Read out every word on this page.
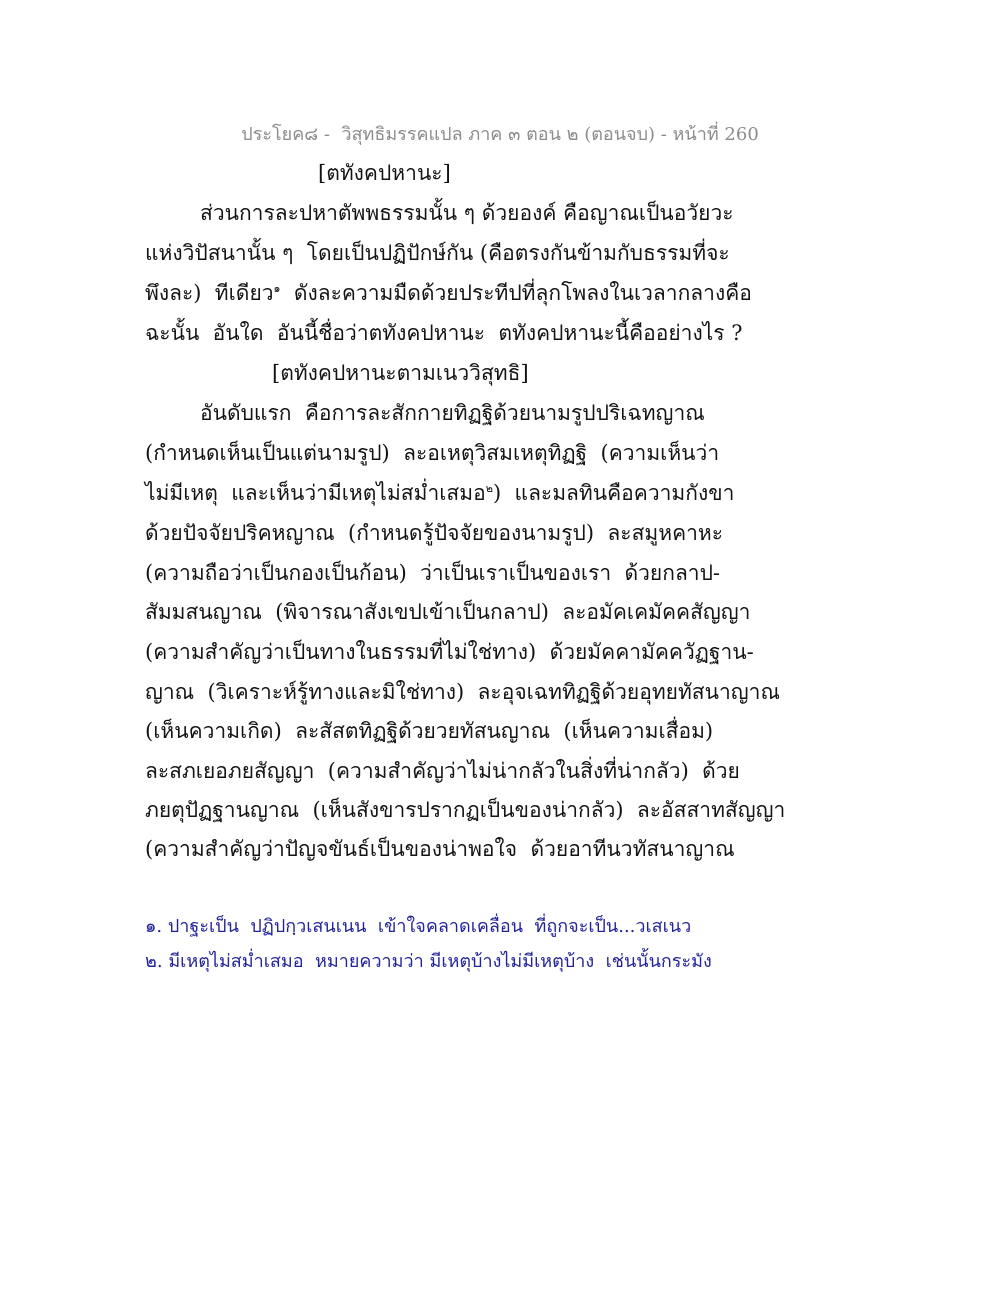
ประโยค๘ -  วิสุทธิมรรคแปล ภาค ๓ ตอน ๒ (ตอนจบ) - หน้าที่ 260
[ตทังคปหานะ]
ส่วนการละปหาตัพพธรรมนั้น ๆ ด้วยองค์ คือญาณเป็นอวัยวะ
แห่งวิปัสนานั้น ๆ  โดยเป็นปฏิปักษ์กัน (คือตรงกันข้ามกับธรรมที่จะ
พึงละ)  ทีเดียว$^๑$  ดังละความมืดด้วยประทีปที่ลุกโพลงในเวลากลางคือ
ฉะนั้น  อันใด  อันนี้ชื่อว่าตทังคปหานะ  ตทังคปหานะนี้คืออย่างไร ?
[ตทังคปหานะตามเนววิสุทธิ]
อันดับแรก  คือการละสักกายทิฏฐิด้วยนามรูปปริเฉทญาณ
(กำหนดเห็นเป็นแต่นามรูป)  ละอเหตุวิสมเหตุทิฏฐิ  (ความเห็นว่า
ไม่มีเหตุ  และเห็นว่ามีเหตุไม่สม่ำเสมอ$^๒$)  และมลทินคือความกังขา
ด้วยปัจจัยปริคหญาณ  (กำหนดรู้ปัจจัยของนามรูป)  ละสมูหคาหะ
(ความถือว่าเป็นกองเป็นก้อน)  ว่าเป็นเราเป็นของเรา  ด้วยกลาป-
สัมมสนญาณ  (พิจารณาสังเขปเข้าเป็นกลาป)  ละอมัคเคมัคคสัญญา
(ความสำคัญว่าเป็นทางในธรรมที่ไม่ใช่ทาง)  ด้วยมัคคามัคควัฏฐาน-
ญาณ  (วิเคราะห์รู้ทางและมิใช่ทาง)  ละอุจเฉททิฏฐิด้วยอุทยทัสนาญาณ
(เห็นความเกิด)  ละสัสตทิฏฐิด้วยวยทัสนญาณ  (เห็นความเสื่อม)
ละสภเยอภยสัญญา  (ความสำคัญว่าไม่น่ากลัวในสิ่งที่น่ากลัว)  ด้วย
ภยตุปัฏฐานญาณ  (เห็นสังขารปรากฏเป็นของน่ากลัว)  ละอัสสาทสัญญา
(ความสำคัญว่าปัญจขันธ์เป็นของน่าพอใจ  ด้วยอาทีนวทัสนาญาณ
๑. ปาฐะเป็น  ปฏิปกฺวเสนเนน  เข้าใจคลาดเคลื่อน  ที่ถูกจะเป็น...วเสเนว
๒. มีเหตุไม่สม่ำเสมอ  หมายความว่า มีเหตุบ้างไม่มีเหตุบ้าง  เช่นนั้นกระมัง
